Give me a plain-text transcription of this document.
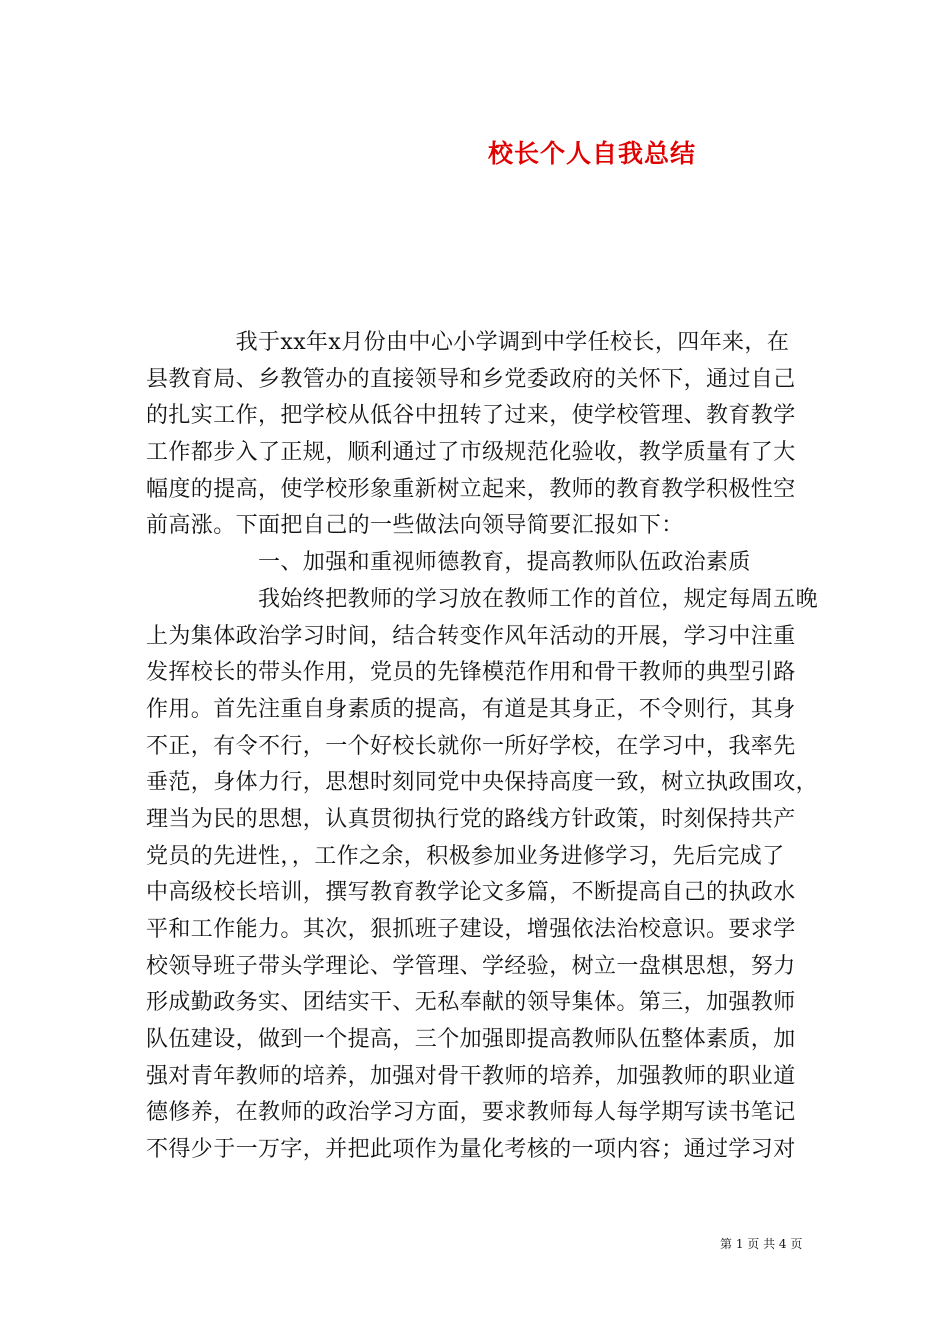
校长个人自我总结
　　　　我于xx年x月份由中心小学调到中学任校长，四年来，在
县教育局、乡教管办的直接领导和乡党委政府的关怀下，通过自己
的扎实工作，把学校从低谷中扭转了过来，使学校管理、教育教学
工作都步入了正规，顺利通过了市级规范化验收，教学质量有了大
幅度的提高，使学校形象重新树立起来，教师的教育教学积极性空
前高涨。下面把自己的一些做法向领导简要汇报如下：
　　　　　一、加强和重视师德教育，提高教师队伍政治素质
　　　　　我始终把教师的学习放在教师工作的首位，规定每周五晚
上为集体政治学习时间，结合转变作风年活动的开展，学习中注重
发挥校长的带头作用，党员的先锋模范作用和骨干教师的典型引路
作用。首先注重自身素质的提高，有道是其身正，不令则行，其身
不正，有令不行，一个好校长就你一所好学校，在学习中，我率先
垂范，身体力行，思想时刻同党中央保持高度一致，树立执政围攻，
理当为民的思想，认真贯彻执行党的路线方针政策，时刻保持共产
党员的先进性，，工作之余，积极参加业务进修学习，先后完成了
中高级校长培训，撰写教育教学论文多篇，不断提高自己的执政水
平和工作能力。其次，狠抓班子建设，增强依法治校意识。要求学
校领导班子带头学理论、学管理、学经验，树立一盘棋思想，努力
形成勤政务实、团结实干、无私奉献的领导集体。第三，加强教师
队伍建设，做到一个提高，三个加强即提高教师队伍整体素质，加
强对青年教师的培养，加强对骨干教师的培养，加强教师的职业道
德修养，在教师的政治学习方面，要求教师每人每学期写读书笔记
不得少于一万字，并把此项作为量化考核的一项内容；通过学习对
第 1 页 共 4 页
